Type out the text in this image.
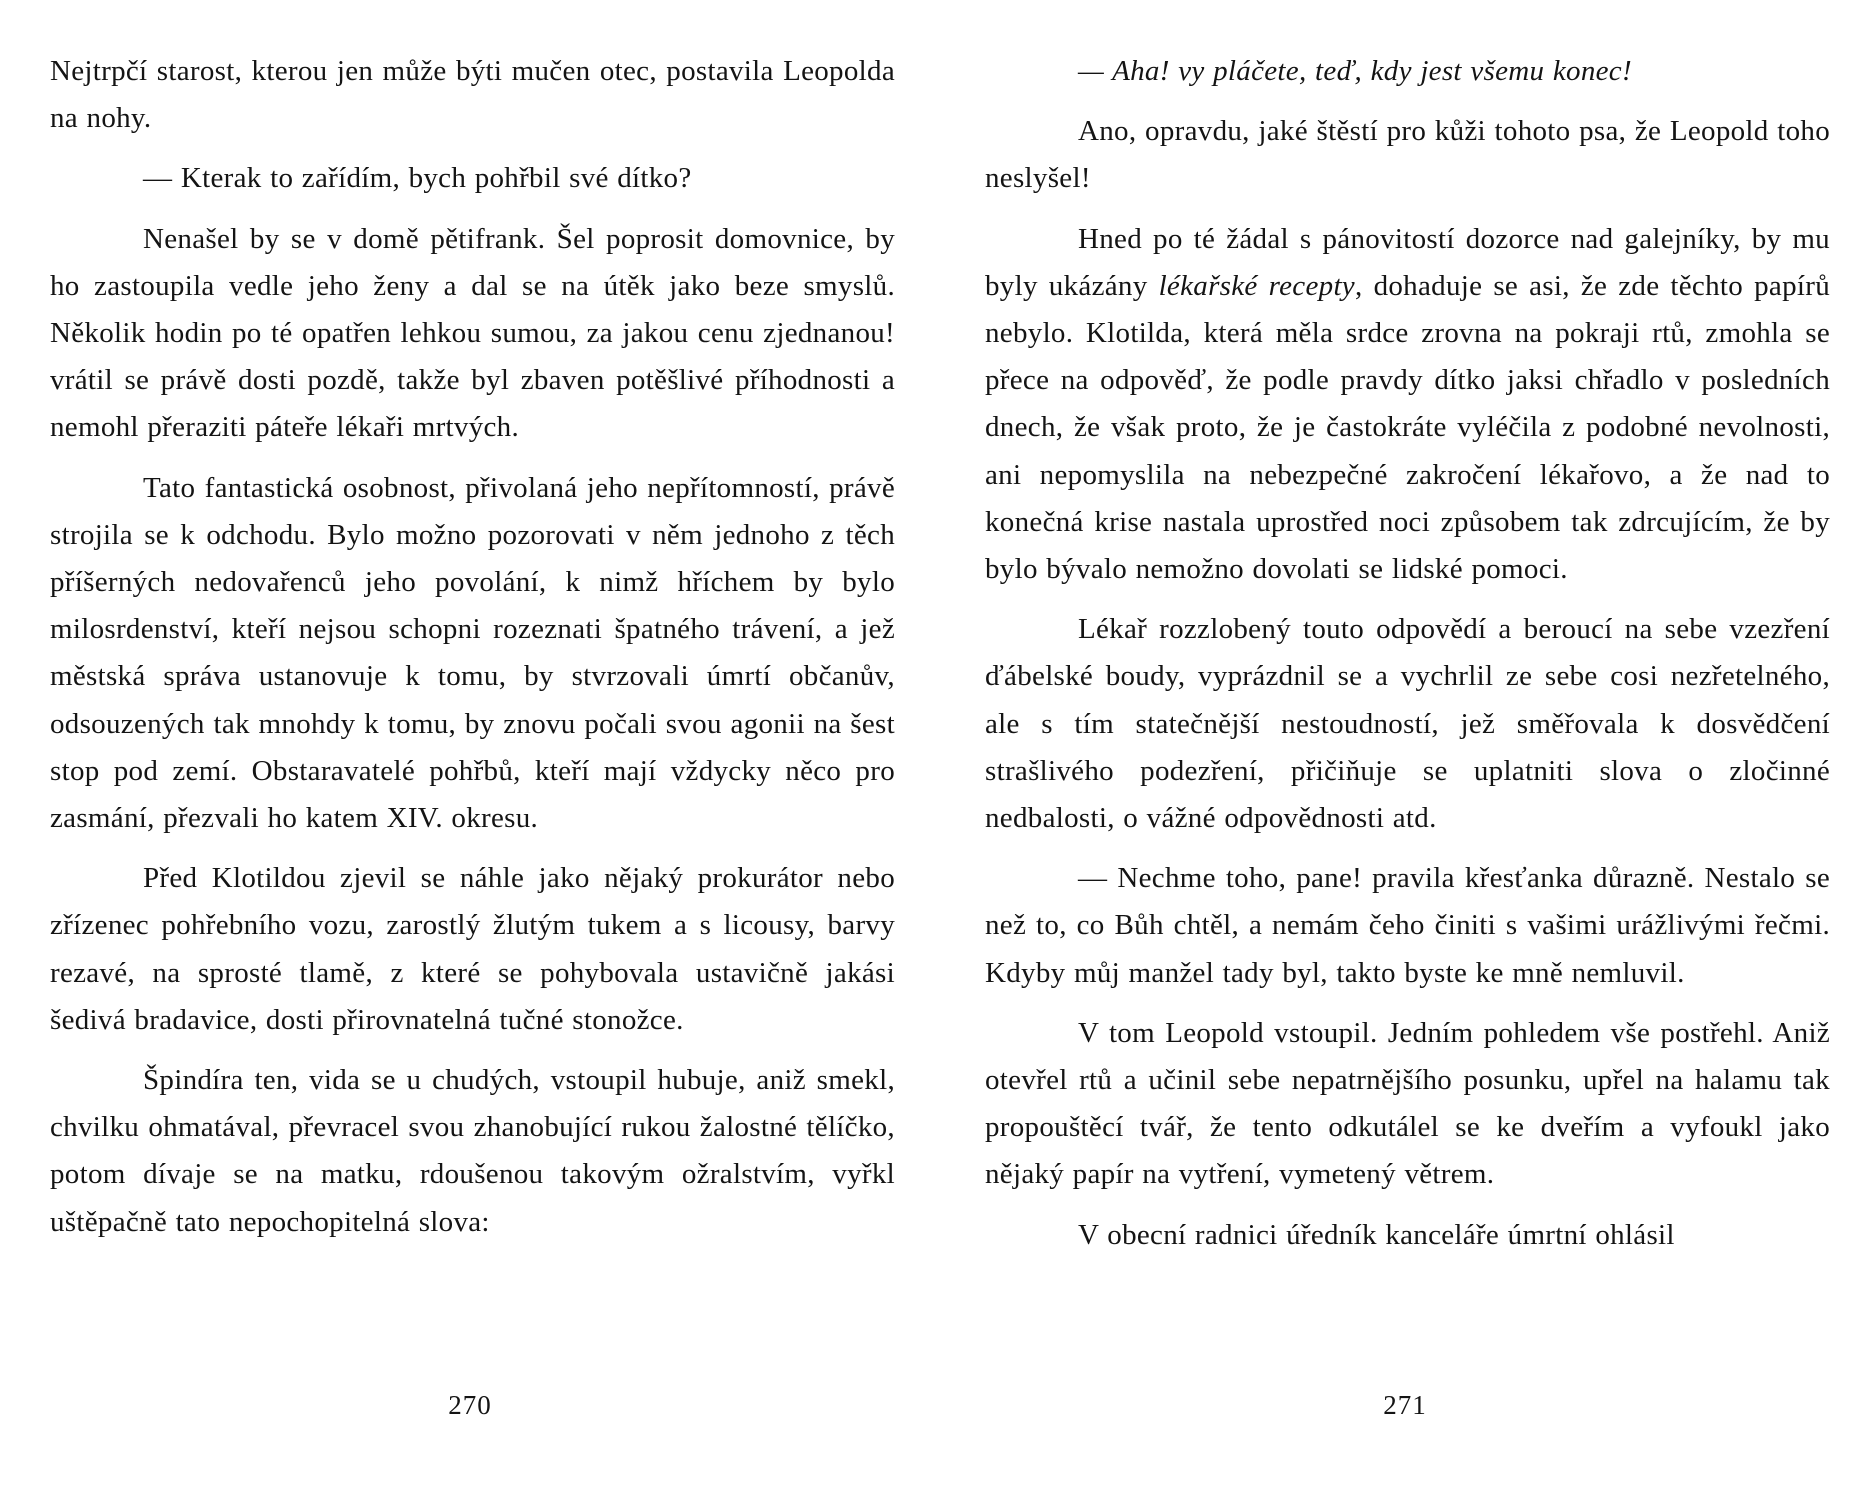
Nejtrpčí starost, kterou jen může býti mučen otec, postavila Leopolda na nohy.

— Kterak to zařídím, bych pohřbil své dítko?

Nenašel by se v domě pětifrank. Šel poprosit domovnice, by ho zastoupila vedle jeho ženy a dal se na útěk jako beze smyslů. Několik hodin po té opatřen lehkou sumou, za jakou cenu zjednanou! vrátil se právě dosti pozdě, takže byl zbaven potěšlivé příhodnosti a nemohl přeraziti páteře lékaři mrtvých.

Tato fantastická osobnost, přivolaná jeho nepřítomností, právě strojila se k odchodu. Bylo možno pozorovati v něm jednoho z těch příšerných nedovařenců jeho povolání, k nimž hříchem by bylo milosrdenství, kteří nejsou schopni rozeznati špatného trávení, a jež městská správa ustanovuje k tomu, by stvrzovali úmrtí občanův, odsouzených tak mnohdy k tomu, by znovu počali svou agonii na šest stop pod zemí. Obstaravatelé pohřbů, kteří mají vždycky něco pro zasmání, přezvali ho katem XIV. okresu.

Před Klotildou zjevil se náhle jako nějaký prokurátor nebo zřízenec pohřebního vozu, zarostlý žlutým tukem a s licousy, barvy rezavé, na sprosté tlamě, z které se pohybovala ustavičně jakási šedivá bradavice, dosti přirovnatelná tučné stonožce.

Špindíra ten, vida se u chudých, vstoupil hubuje, aniž smekl, chvilku ohmatával, převracel svou zhanobující rukou žalostné tělíčko, potom dívaje se na matku, rdoušenou takovým ožralstvím, vyřkl uštěpačně tato nepochopitelná slova:

270

— Aha! vy pláčete, teď, kdy jest všemu konec!

Ano, opravdu, jaké štěstí pro kůži tohoto psa, že Leopold toho neslyšel!

Hned po té žádal s pánovitostí dozorce nad galejníky, by mu byly ukázány lékařské recepty, dohaduje se asi, že zde těchto papírů nebylo. Klotilda, která měla srdce zrovna na pokraji rtů, zmohla se přece na odpověď, že podle pravdy dítko jaksi chřadlo v posledních dnech, že však proto, že je častokráte vyléčila z podobné nevolnosti, ani nepomyslila na nebezpečné zakročení lékařovo, a že nad to konečná krise nastala uprostřed noci způsobem tak zdrcujícím, že by bylo bývalo nemožno dovolati se lidské pomoci.

Lékař rozzlobený touto odpovědí a beroucí na sebe vzezření ďábelské boudy, vyprázdnil se a vychrlil ze sebe cosi nezřetelného, ale s tím statečnější nestoudností, jež směřovala k dosvědčení strašlivého podezření, přičiňuje se uplatniti slova o zločinné nedbalosti, o vážné odpovědnosti atd.

— Nechme toho, pane! pravila křesťanka důrazně. Nestalo se než to, co Bůh chtěl, a nemám čeho činiti s vašimi urážlivými řečmi. Kdyby můj manžel tady byl, takto byste ke mně nemluvil.

V tom Leopold vstoupil. Jedním pohledem vše postřehl. Aniž otevřel rtů a učinil sebe nepatrnějšího posunku, upřel na halamu tak propouštěcí tvář, že tento odkutálel se ke dveřím a vyfoukl jako nějaký papír na vytření, vymetený větrem.

V obecní radnici úředník kanceláře úmrtní ohlásil

271
